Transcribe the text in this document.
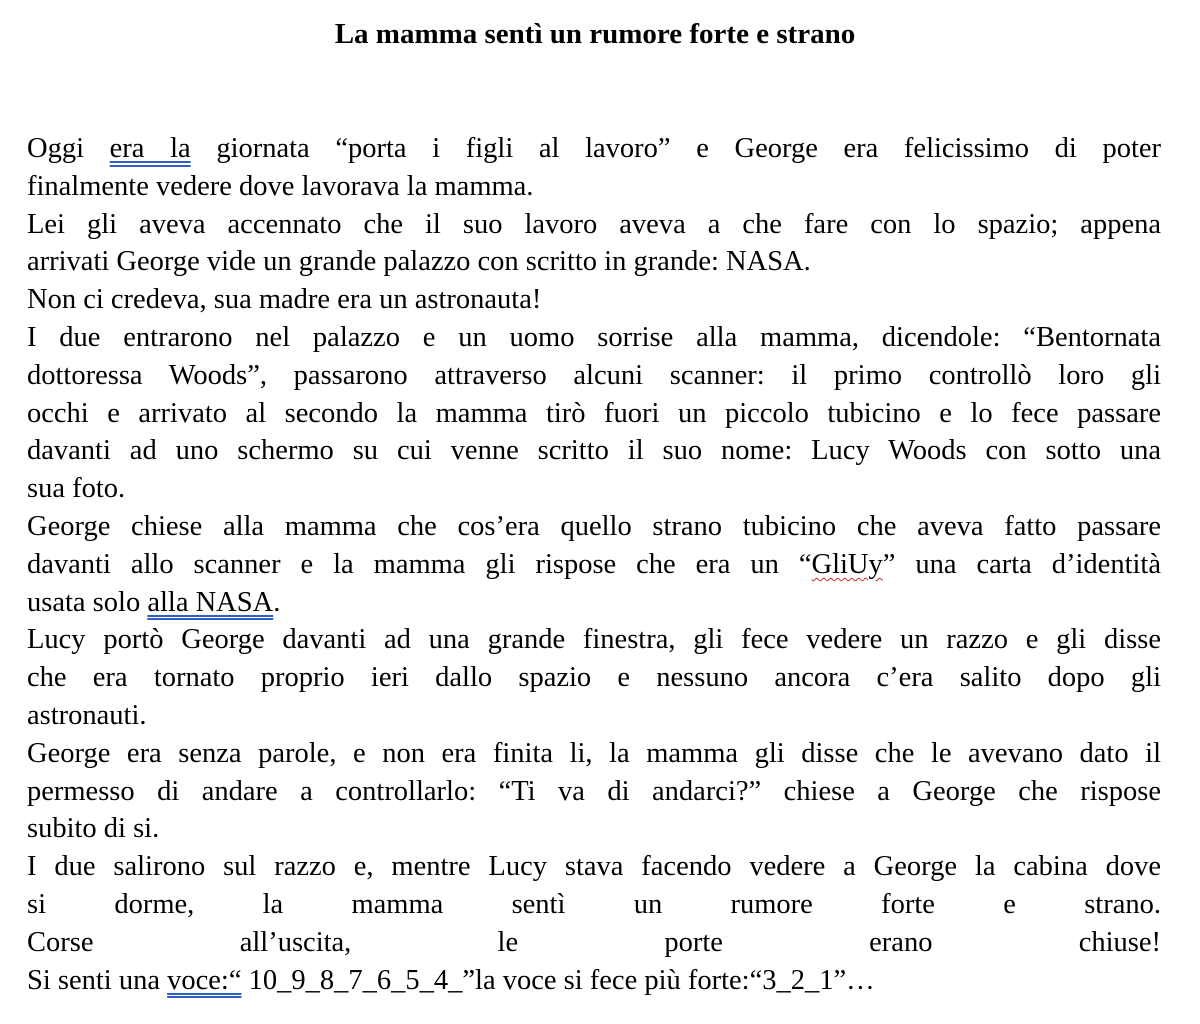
La mamma sentì un rumore forte e strano
Oggi era la giornata “porta i figli al lavoro” e George era felicissimo di poter
finalmente vedere dove lavorava la mamma.
Lei gli aveva accennato che il suo lavoro aveva a che fare con lo spazio; appena
arrivati George vide un grande palazzo con scritto in grande: NASA.
Non ci credeva, sua madre era un astronauta!
I due entrarono nel palazzo e un uomo sorrise alla mamma, dicendole: “Bentornata
dottoressa Woods”, passarono attraverso alcuni scanner: il primo controllò loro gli
occhi e arrivato al secondo la mamma tirò fuori un piccolo tubicino e lo fece passare
davanti ad uno schermo su cui venne scritto il suo nome: Lucy Woods con sotto una
sua foto.
George chiese alla mamma che cos’era quello strano tubicino che aveva fatto passare
davanti allo scanner e la mamma gli rispose che era un “GliUy” una carta d’identità
usata solo alla NASA.
Lucy portò George davanti ad una grande finestra, gli fece vedere un razzo e gli disse
che era tornato proprio ieri dallo spazio e nessuno ancora c’era salito dopo gli
astronauti.
George era senza parole, e non era finita li, la mamma gli disse che le avevano dato il
permesso di andare a controllarlo: “Ti va di andarci?” chiese a George che rispose
subito di si.
I due salirono sul razzo e, mentre Lucy stava facendo vedere a George la cabina dove
si dorme, la mamma sentì un rumore forte e strano.
Corse all’uscita, le porte erano chiuse!
Si senti una voce:“ 10_9_8_7_6_5_4_”la voce si fece più forte:“3_2_1”…
